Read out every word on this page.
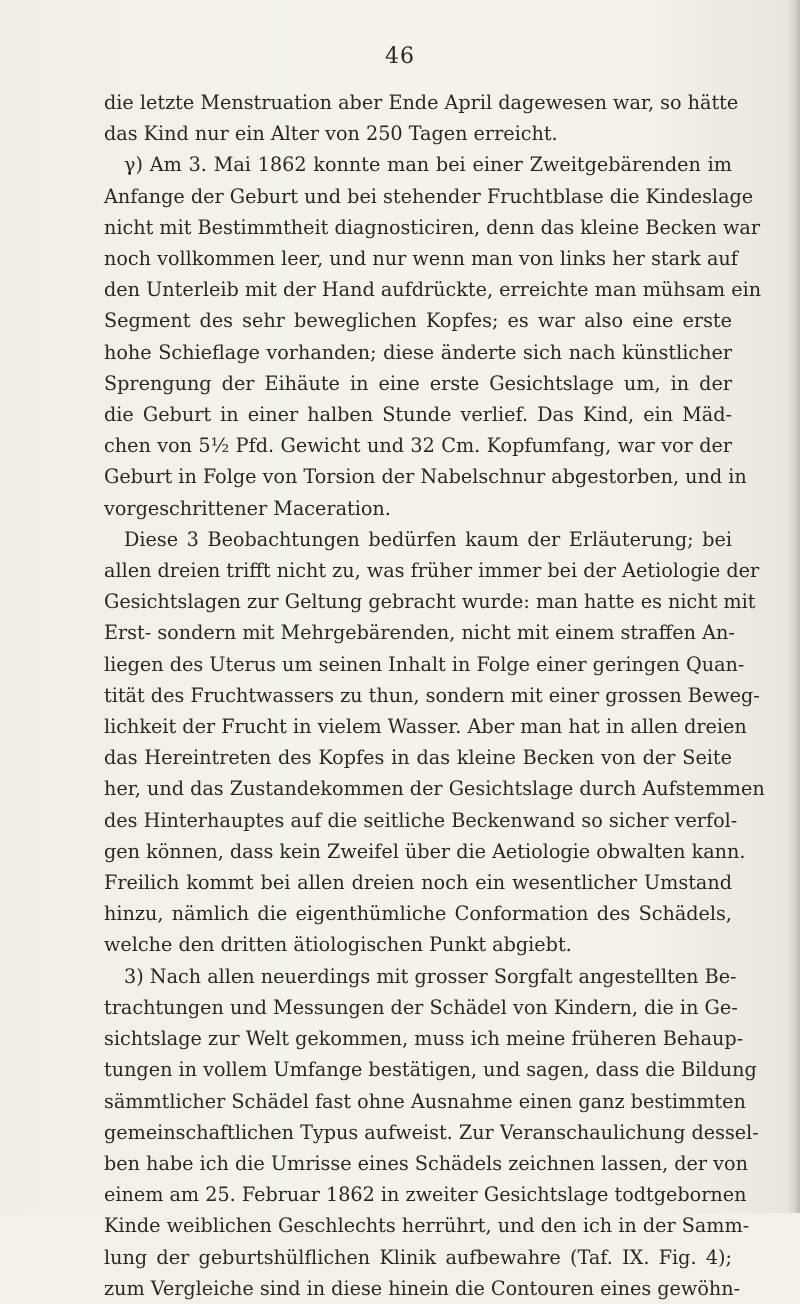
46
die letzte Menstruation aber Ende April dagewesen war, so hätte
das Kind nur ein Alter von 250 Tagen erreicht.
γ) Am 3. Mai 1862 konnte man bei einer Zweitgebärenden im
Anfange der Geburt und bei stehender Fruchtblase die Kindeslage
nicht mit Bestimmtheit diagnosticiren, denn das kleine Becken war
noch vollkommen leer, und nur wenn man von links her stark auf
den Unterleib mit der Hand aufdrückte, erreichte man mühsam ein
Segment des sehr beweglichen Kopfes; es war also eine erste
hohe Schieflage vorhanden; diese änderte sich nach künstlicher
Sprengung der Eihäute in eine erste Gesichtslage um, in der
die Geburt in einer halben Stunde verlief. Das Kind, ein Mäd-
chen von 5½ Pfd. Gewicht und 32 Cm. Kopfumfang, war vor der
Geburt in Folge von Torsion der Nabelschnur abgestorben, und in
vorgeschrittener Maceration.
Diese 3 Beobachtungen bedürfen kaum der Erläuterung; bei
allen dreien trifft nicht zu, was früher immer bei der Aetiologie der
Gesichtslagen zur Geltung gebracht wurde: man hatte es nicht mit
Erst- sondern mit Mehrgebärenden, nicht mit einem straffen An-
liegen des Uterus um seinen Inhalt in Folge einer geringen Quan-
tität des Fruchtwassers zu thun, sondern mit einer grossen Beweg-
lichkeit der Frucht in vielem Wasser. Aber man hat in allen dreien
das Hereintreten des Kopfes in das kleine Becken von der Seite
her, und das Zustandekommen der Gesichtslage durch Aufstemmen
des Hinterhauptes auf die seitliche Beckenwand so sicher verfol-
gen können, dass kein Zweifel über die Aetiologie obwalten kann.
Freilich kommt bei allen dreien noch ein wesentlicher Umstand
hinzu, nämlich die eigenthümliche Conformation des Schädels,
welche den dritten ätiologischen Punkt abgiebt.
3) Nach allen neuerdings mit grosser Sorgfalt angestellten Be-
trachtungen und Messungen der Schädel von Kindern, die in Ge-
sichtslage zur Welt gekommen, muss ich meine früheren Behaup-
tungen in vollem Umfange bestätigen, und sagen, dass die Bildung
sämmtlicher Schädel fast ohne Ausnahme einen ganz bestimmten
gemeinschaftlichen Typus aufweist. Zur Veranschaulichung dessel-
ben habe ich die Umrisse eines Schädels zeichnen lassen, der von
einem am 25. Februar 1862 in zweiter Gesichtslage todtgebornen
Kinde weiblichen Geschlechts herrührt, und den ich in der Samm-
lung der geburtshülflichen Klinik aufbewahre (Taf. IX. Fig. 4);
zum Vergleiche sind in diese hinein die Contouren eines gewöhn-
